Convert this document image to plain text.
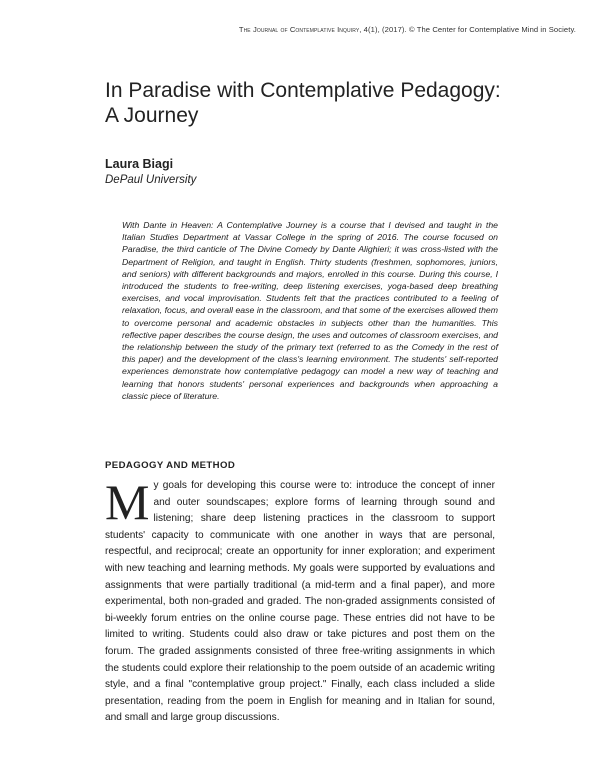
The Journal of Contemplative Inquiry, 4(1), (2017). © The Center for Contemplative Mind in Society.
In Paradise with Contemplative Pedagogy:
A Journey
Laura Biagi
DePaul University

With Dante in Heaven: A Contemplative Journey is a course that I devised and taught in the Italian Studies Department at Vassar College in the spring of 2016. The course focused on Paradise, the third canticle of The Divine Comedy by Dante Alighieri; it was cross-listed with the Department of Religion, and taught in English. Thirty students (freshmen, sophomores, juniors, and seniors) with different backgrounds and majors, enrolled in this course. During this course, I introduced the students to free-writing, deep listening exercises, yoga-based deep breathing exercises, and vocal improvisation. Students felt that the practices contributed to a feeling of relaxation, focus, and overall ease in the classroom, and that some of the exercises allowed them to overcome personal and academic obstacles in subjects other than the humanities. This reflective paper describes the course design, the uses and outcomes of classroom exercises, and the relationship between the study of the primary text (referred to as the Comedy in the rest of this paper) and the development of the class's learning environment. The students' self-reported experiences demonstrate how contemplative pedagogy can model a new way of teaching and learning that honors students' personal experiences and backgrounds when approaching a classic piece of literature.

PEDAGOGY AND METHOD

My goals for developing this course were to: introduce the concept of inner and outer soundscapes; explore forms of learning through sound and listening; share deep listening practices in the classroom to support students' capacity to communicate with one another in ways that are personal, respectful, and reciprocal; create an opportunity for inner exploration; and experiment with new teaching and learning methods. My goals were supported by evaluations and assignments that were partially traditional (a mid-term and a final paper), and more experimental, both non-graded and graded. The non-graded assignments consisted of bi-weekly forum entries on the online course page. These entries did not have to be limited to writing. Students could also draw or take pictures and post them on the forum. The graded assignments consisted of three free-writing assignments in which the students could explore their relationship to the poem outside of an academic writing style, and a final "contemplative group project." Finally, each class included a slide presentation, reading from the poem in English for meaning and in Italian for sound, and small and large group discussions.
